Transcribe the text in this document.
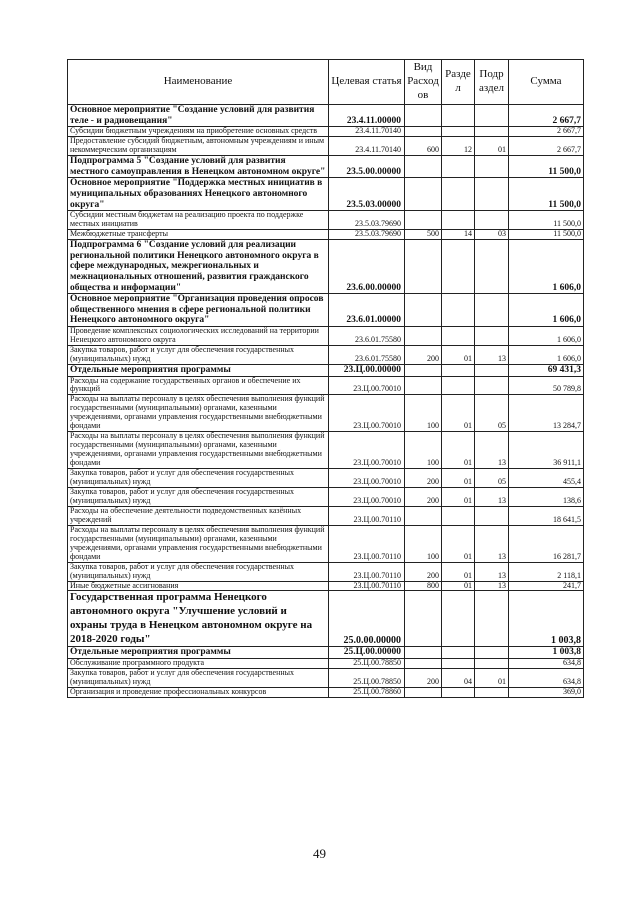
Наименование	Целевая статья	Вид Расход ов	Разде л	Подр аздел	Сумма
Основное мероприятие "Создание условий для развития теле - и радиовещания"	23.4.11.00000				2 667,7
Субсидии бюджетным учреждениям на приобретение основных средств	23.4.11.70140				2 667,7
Предоставление субсидий бюджетным, автономным учреждениям и иным некоммерческим организациям	23.4.11.70140	600	12	01	2 667,7
Подпрограмма 5 "Создание условий для развития местного самоуправления в Ненецком автономном округе"	23.5.00.00000				11 500,0
Основное мероприятие "Поддержка местных инициатив в муниципальных образованиях Ненецкого автономного округа"	23.5.03.00000				11 500,0
Субсидии местным бюджетам на реализацию проекта по поддержке местных инициатив	23.5.03.79690				11 500,0
Межбюджетные трансферты	23.5.03.79690	500	14	03	11 500,0
Подпрограмма 6 "Создание условий для реализации региональной политики Ненецкого автономного округа в сфере международных, межрегиональных и межнациональных отношений, развития гражданского общества и информации"	23.6.00.00000				1 606,0
Основное мероприятие "Организация проведения опросов общественного мнения в сфере региональной политики Ненецкого автономного округа"	23.6.01.00000				1 606,0
Проведение комплексных социологических исследований на территории Ненецкого автономного округа	23.6.01.75580				1 606,0
Закупка товаров, работ и услуг для обеспечения государственных (муниципальных) нужд	23.6.01.75580	200	01	13	1 606,0
Отдельные мероприятия программы	23.Ц.00.00000				69 431,3
Расходы на содержание государственных органов и обеспечение их функций	23.Ц.00.70010				50 789,8
Расходы на выплаты персоналу в целях обеспечения выполнения функций государственными (муниципальными) органами, казенными учреждениями, органами управления государственными внебюджетными фондами	23.Ц.00.70010	100	01	05	13 284,7
Расходы на выплаты персоналу в целях обеспечения выполнения функций государственными (муниципальными) органами, казенными учреждениями, органами управления государственными внебюджетными фондами	23.Ц.00.70010	100	01	13	36 911,1
Закупка товаров, работ и услуг для обеспечения государственных (муниципальных) нужд	23.Ц.00.70010	200	01	05	455,4
Закупка товаров, работ и услуг для обеспечения государственных (муниципальных) нужд	23.Ц.00.70010	200	01	13	138,6
Расходы на обеспечение деятельности подведомственных казённых учреждений	23.Ц.00.70110				18 641,5
Расходы на выплаты персоналу в целях обеспечения выполнения функций государственными (муниципальными) органами, казенными учреждениями, органами управления государственными внебюджетными фондами	23.Ц.00.70110	100	01	13	16 281,7
Закупка товаров, работ и услуг для обеспечения государственных (муниципальных) нужд	23.Ц.00.70110	200	01	13	2 118,1
Иные бюджетные ассигнования	23.Ц.00.70110	800	01	13	241,7
Государственная программа Ненецкого автономного округа "Улучшение условий и охраны труда в Ненецком автономном округе на 2018-2020 годы"	25.0.00.00000				1 003,8
Отдельные мероприятия программы	25.Ц.00.00000				1 003,8
Обслуживание программного продукта	25.Ц.00.78850				634,8
Закупка товаров, работ и услуг для обеспечения государственных (муниципальных) нужд	25.Ц.00.78850	200	04	01	634,8
Организация и проведение профессиональных конкурсов	25.Ц.00.78860				369,0
49
